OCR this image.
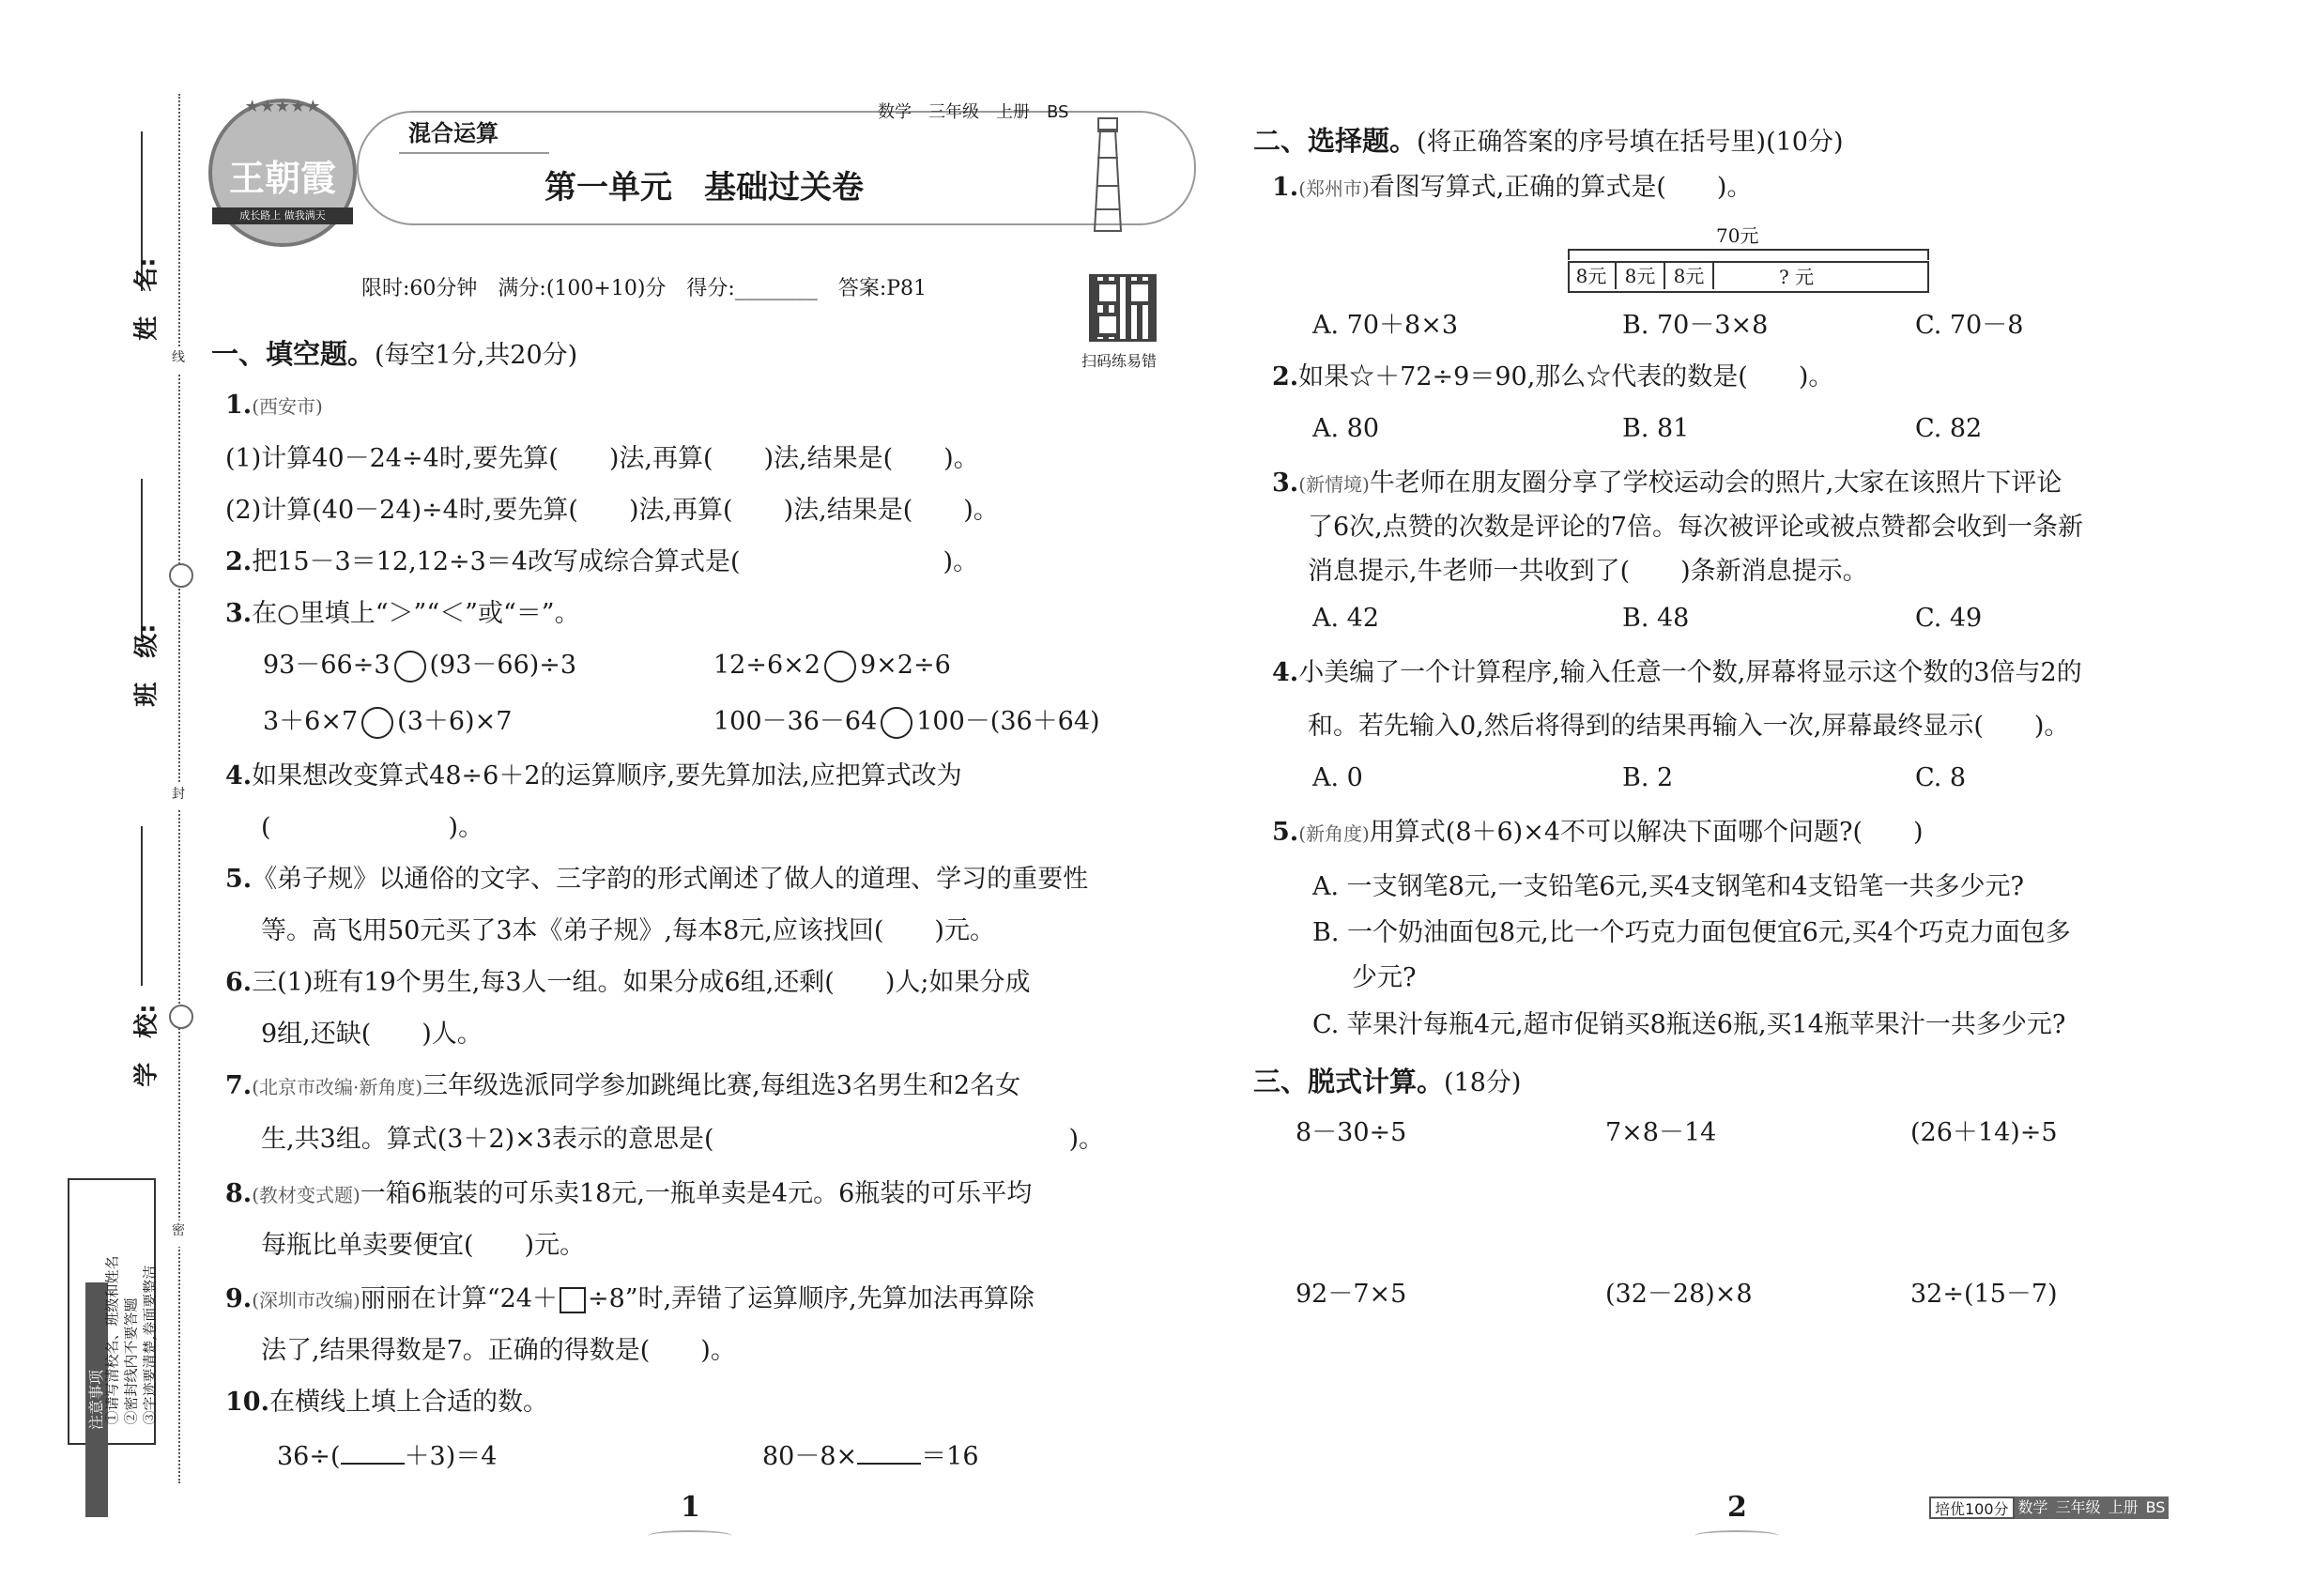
姓　名:
班　级:
学　校:
线
封
密
注意事项
①请写清校名、班级和姓名 ②密封线内不要答题 ③字迹要清楚,卷面要整洁
★★★★★
王朝霞
成长路上 做我满天
混合运算
数学　三年级　上册　BS
第一单元　基础过关卷
限时:60分钟　满分:(100+10)分　得分:________　答案:P81
扫码练易错
一、填空题。(每空1分,共20分)
1.(西安市)
(1)计算40－24÷4时,要先算(　　)法,再算(　　)法,结果是(　　)。
(2)计算(40－24)÷4时,要先算(　　)法,再算(　　)法,结果是(　　)。
2.把15－3＝12,12÷3＝4改写成综合算式是(　　　　　　　　)。
3.在○里填上“＞”“＜”或“＝”。
93－66÷3 (93－66)÷3	12÷6×2 9×2÷6
3＋6×7 (3＋6)×7	100－36－64 100－(36＋64)
4.如果想改变算式48÷6＋2的运算顺序,要先算加法,应把算式改为
(　　　　　　　)。
5.《弟子规》以通俗的文字、三字韵的形式阐述了做人的道理、学习的重要性
等。高飞用50元买了3本《弟子规》,每本8元,应该找回(　　)元。
6.三(1)班有19个男生,每3人一组。如果分成6组,还剩(　　)人;如果分成
9组,还缺(　　)人。
7.(北京市改编·新角度)三年级选派同学参加跳绳比赛,每组选3名男生和2名女
生,共3组。算式(3＋2)×3表示的意思是(　　　　　　　　　　　　　　)。
8.(教材变式题)一箱6瓶装的可乐卖18元,一瓶单卖是4元。6瓶装的可乐平均
每瓶比单卖要便宜(　　)元。
9.(深圳市改编)丽丽在计算“24＋ ÷8”时,弄错了运算顺序,先算加法再算除
法了,结果得数是7。正确的得数是(　　)。
10.在横线上填上合适的数。
36÷(	＋3)＝4	80－8×	＝16
1
二、选择题。(将正确答案的序号填在括号里)(10分)
1.(郑州市)看图写算式,正确的算式是(　　)。
70元
8元 8元 8元	? 元
A. 70＋8×3	B. 70－3×8	C. 70－8
2.如果☆＋72÷9＝90,那么☆代表的数是(　　)。
A. 80	B. 81	C. 82
3.(新情境)牛老师在朋友圈分享了学校运动会的照片,大家在该照片下评论
了6次,点赞的次数是评论的7倍。每次被评论或被点赞都会收到一条新
消息提示,牛老师一共收到了(　　)条新消息提示。
A. 42	B. 48	C. 49
4.小美编了一个计算程序,输入任意一个数,屏幕将显示这个数的3倍与2的
和。若先输入0,然后将得到的结果再输入一次,屏幕最终显示(　　)。
A. 0	B. 2	C. 8
5.(新角度)用算式(8＋6)×4不可以解决下面哪个问题?(　　)
A. 一支钢笔8元,一支铅笔6元,买4支钢笔和4支铅笔一共多少元?
B. 一个奶油面包8元,比一个巧克力面包便宜6元,买4个巧克力面包多
少元?
C. 苹果汁每瓶4元,超市促销买8瓶送6瓶,买14瓶苹果汁一共多少元?
三、脱式计算。(18分)
8－30÷5	7×8－14	(26＋14)÷5
92－7×5	(32－28)×8	32÷(15－7)
2	培优100分 数学 三年级 上册 BS
